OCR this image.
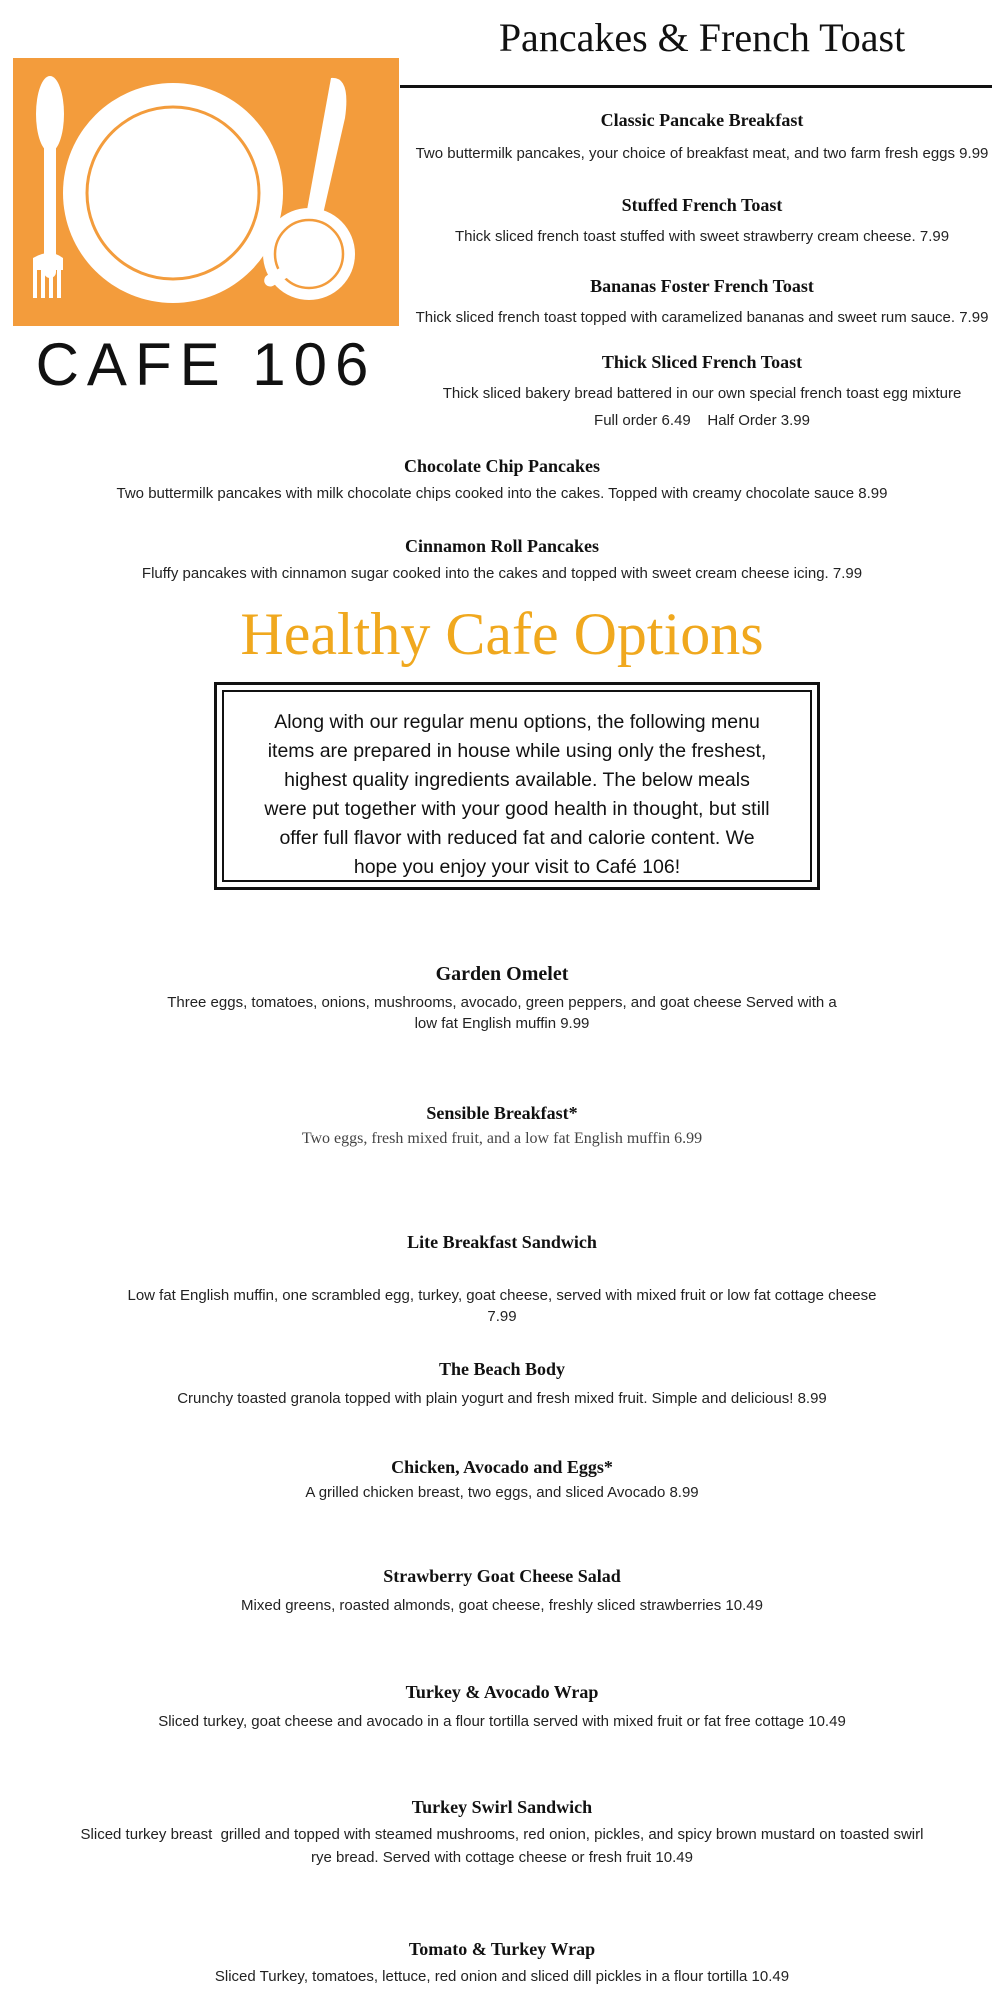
CAFE 106
Pancakes & French Toast
Classic Pancake Breakfast
Two buttermilk pancakes, your choice of breakfast meat, and two farm fresh eggs 9.99
Stuffed French Toast
Thick sliced french toast stuffed with sweet strawberry cream cheese. 7.99
Bananas Foster French Toast
Thick sliced french toast topped with caramelized bananas and sweet rum sauce. 7.99
Thick Sliced French Toast
Thick sliced bakery bread battered in our own special french toast egg mixture
Full order 6.49    Half Order 3.99
Chocolate Chip Pancakes
Two buttermilk pancakes with milk chocolate chips cooked into the cakes. Topped with creamy chocolate sauce 8.99
Cinnamon Roll Pancakes
Fluffy pancakes with cinnamon sugar cooked into the cakes and topped with sweet cream cheese icing. 7.99
Healthy Cafe Options
Along with our regular menu options, the following menu items are prepared in house while using only the freshest, highest quality ingredients available. The below meals were put together with your good health in thought, but still offer full flavor with reduced fat and calorie content. We hope you enjoy your visit to Café 106!
Garden Omelet
Three eggs, tomatoes, onions, mushrooms, avocado, green peppers, and goat cheese Served with a
low fat English muffin 9.99
Sensible Breakfast*
Two eggs, fresh mixed fruit, and a low fat English muffin 6.99
Lite Breakfast Sandwich
Low fat English muffin, one scrambled egg, turkey, goat cheese, served with mixed fruit or low fat cottage cheese
7.99
The Beach Body
Crunchy toasted granola topped with plain yogurt and fresh mixed fruit. Simple and delicious! 8.99
Chicken, Avocado and Eggs*
A grilled chicken breast, two eggs, and sliced Avocado 8.99
Strawberry Goat Cheese Salad
Mixed greens, roasted almonds, goat cheese, freshly sliced strawberries 10.49
Turkey & Avocado Wrap
Sliced turkey, goat cheese and avocado in a flour tortilla served with mixed fruit or fat free cottage 10.49
Turkey Swirl Sandwich
Sliced turkey breast  grilled and topped with steamed mushrooms, red onion, pickles, and spicy brown mustard on toasted swirl
rye bread. Served with cottage cheese or fresh fruit 10.49
Tomato & Turkey Wrap
Sliced Turkey, tomatoes, lettuce, red onion and sliced dill pickles in a flour tortilla 10.49
